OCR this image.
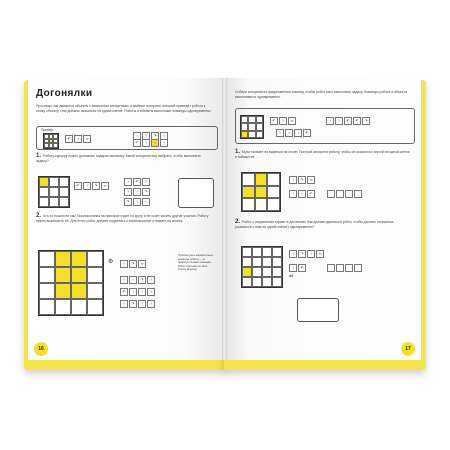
Догонялки
Проследи, как движутся объекты с известным алгоритмом, и выбери алгоритм, который приведёт робота к этому объекту. Они должны оказаться на одной клетке. Роботы и объекты выполняют команды одновременно.
Пример
↶	↑	∞
↑	↑	↷	↑
↶	↑	↑	↑
1. Роботу-курьеру нужно доставить подарок мальчику. Какой алгоритм ему выбрать, чтобы выполнить задачу?
↶	↑	↷	∞
↑	↶	↑
↑	↑	↷
↷	↑	↑
2. Что-то пошло не так! Газонокосилка на пригорке ездит по кругу и не хочет косить другие участки. Роботу нужно выключить её. Для этого робот должен подъехать к газонокосилке и нажать на кнопку.
⚙	↑	↷	∞
↑	↑	↷	↑
↶	↑	↑	↑
↑	↷	↑	↑
Присмотрись внимательно: команда робота — в прямоугольнике команды. Робот пригнав на свое клетку вперёд.
16
Собери алгоритм из предложенных команд, чтобы робот смог выполнить задачу. Команды робота и объекта выполняются одновременно.
↶	↑	∞	↑	↑	↶	↶	↷
↑	↑	↑	↶
1. Муха ползает по варенью на столе. Построй алгоритм роботу, чтобы он оказался с мухой на одной клетке и поймал её.
↑	↷	∞
↑	↑	↶
2. Робот с лягушонком играют в догонялки. Как должен двигаться робот, чтобы догнать лягушонка (оказаться с ним на одной клетке) одновременно?
↑	↷	↑	∞
↑	↶
x2
17
